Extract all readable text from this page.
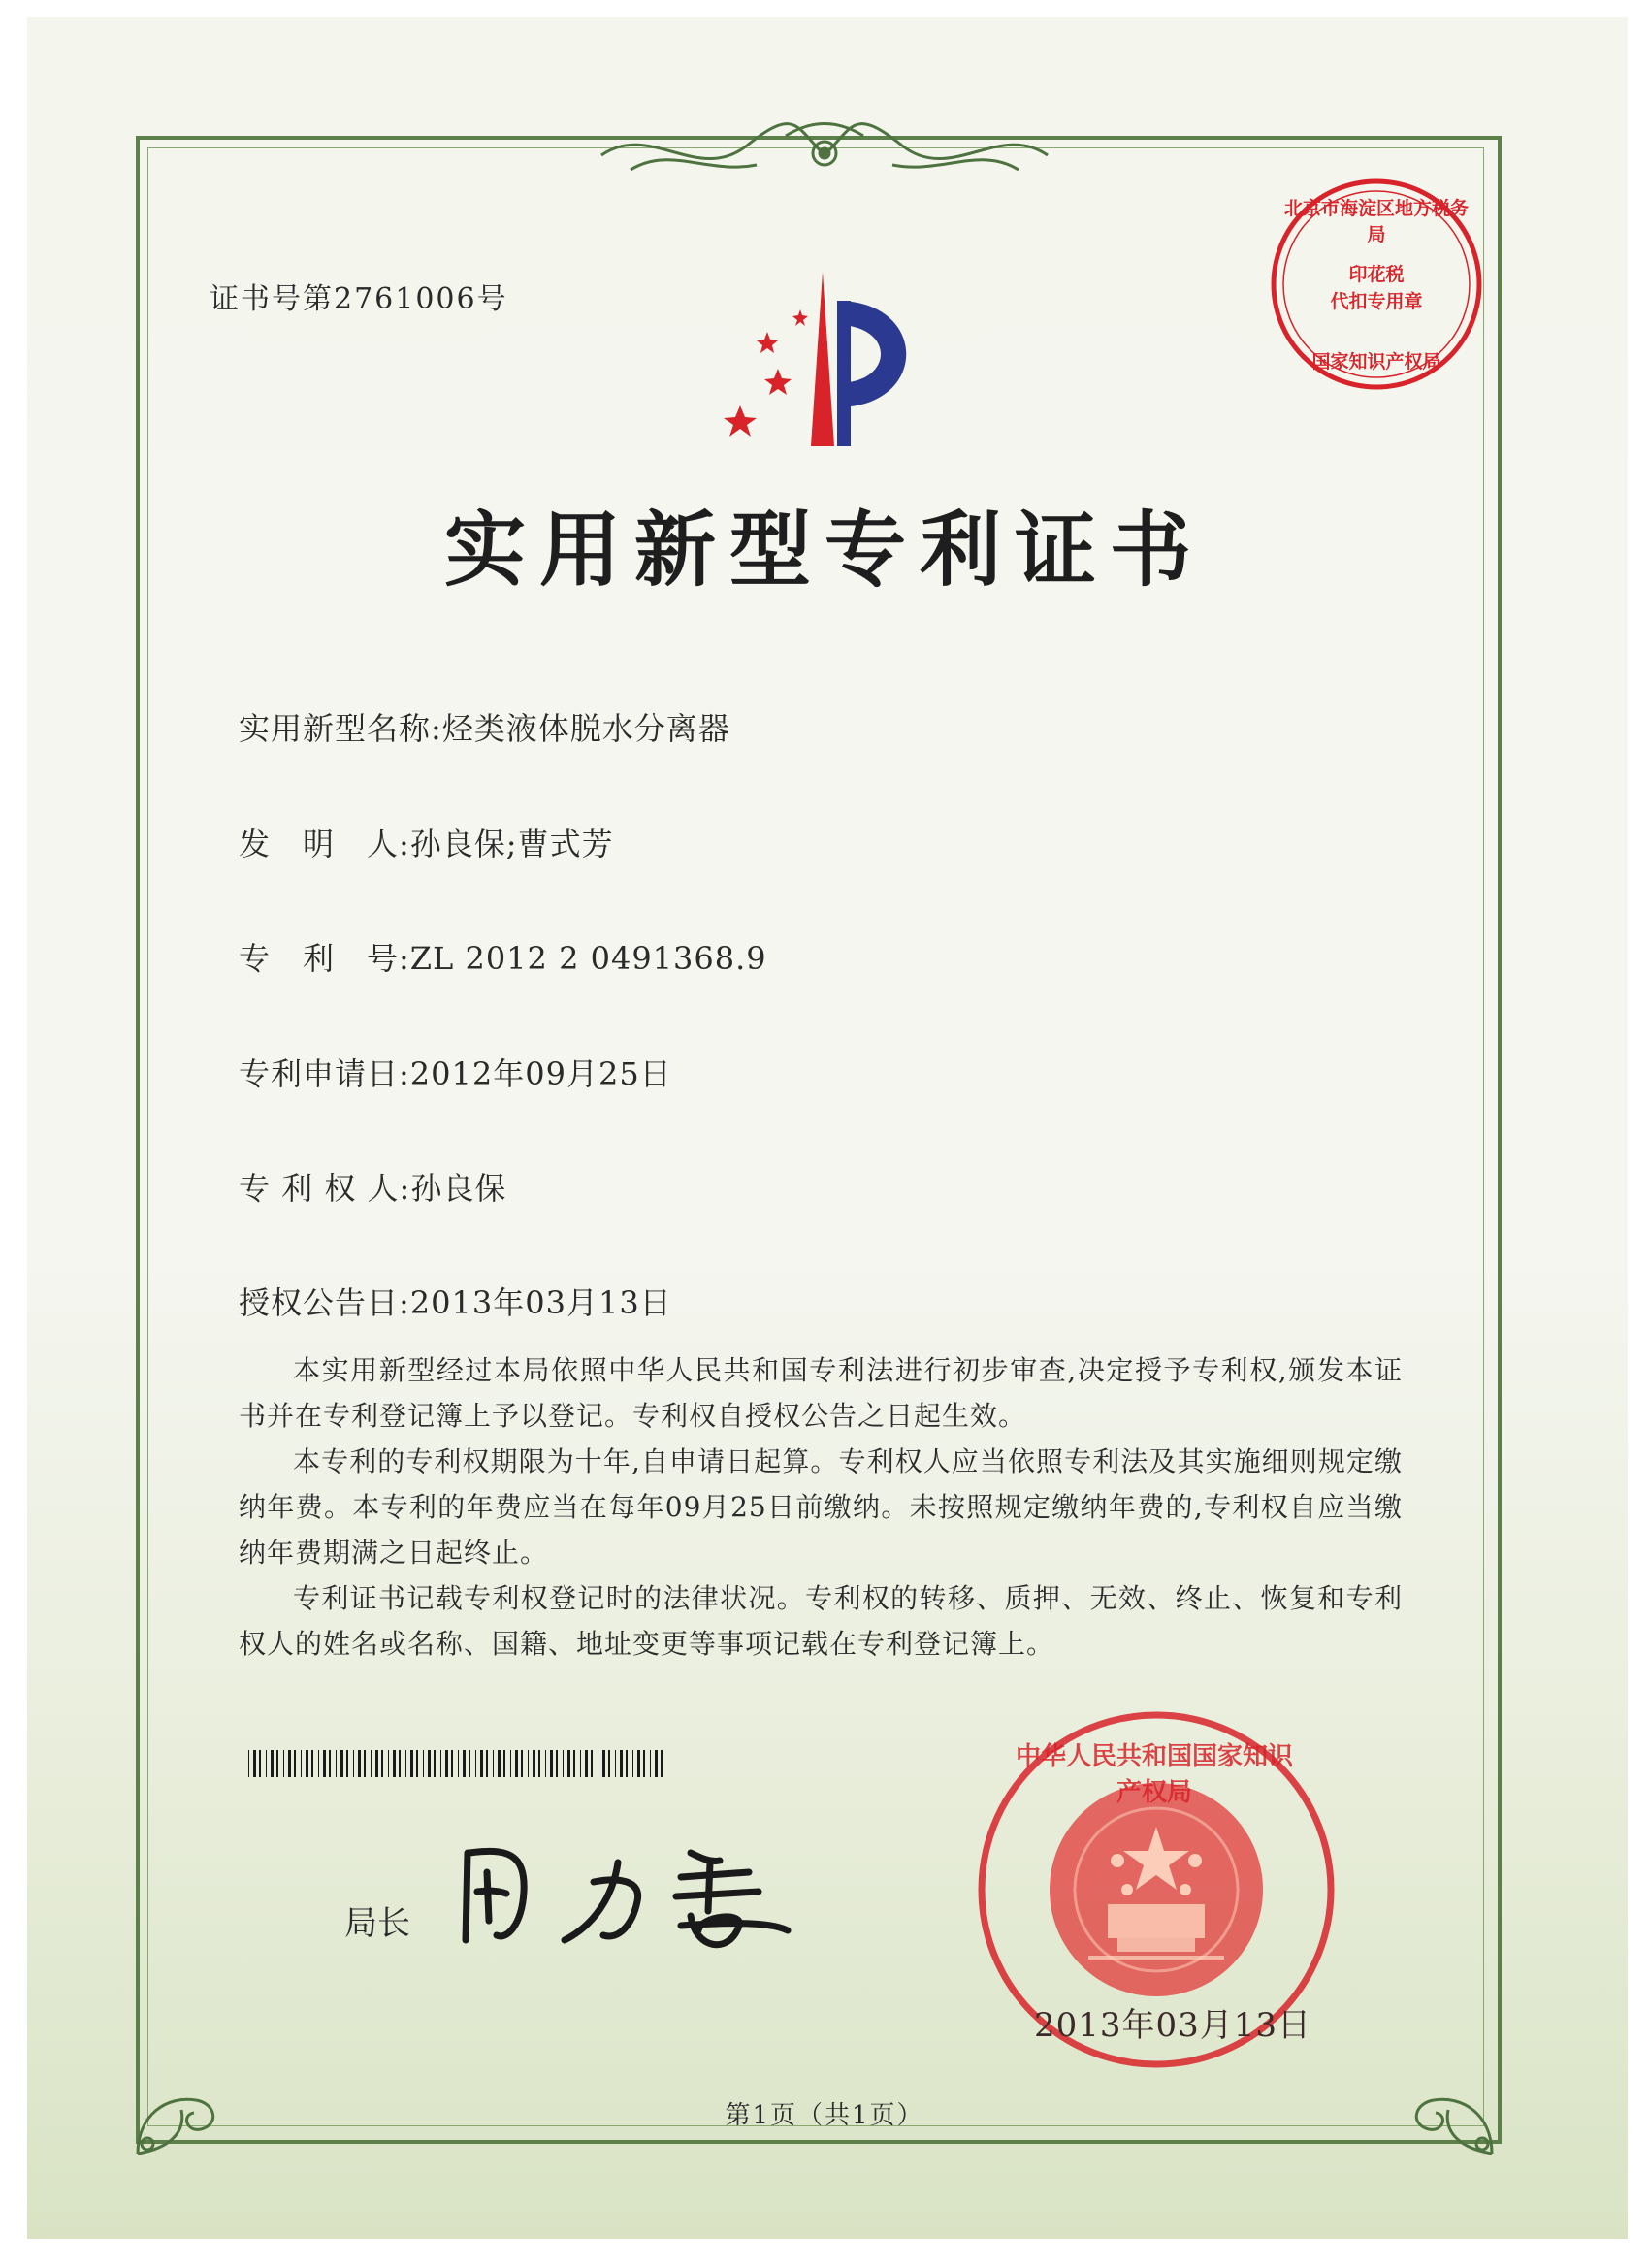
证书号第2761006号
北京市海淀区地方税务局
印花税
代扣专用章
国家知识产权局
实用新型专利证书
实用新型名称:烃类液体脱水分离器
发　明　人:孙良保;曹式芳
专　利　号:ZL 2012 2 0491368.9
专利申请日:2012年09月25日
专 利 权 人:孙良保
授权公告日:2013年03月13日
本实用新型经过本局依照中华人民共和国专利法进行初步审查,决定授予专利权,颁发本证书并在专利登记簿上予以登记。专利权自授权公告之日起生效。
本专利的专利权期限为十年,自申请日起算。专利权人应当依照专利法及其实施细则规定缴纳年费。本专利的年费应当在每年09月25日前缴纳。未按照规定缴纳年费的,专利权自应当缴纳年费期满之日起终止。
专利证书记载专利权登记时的法律状况。专利权的转移、质押、无效、终止、恢复和专利权人的姓名或名称、国籍、地址变更等事项记载在专利登记簿上。
局长
中华人民共和国国家知识产权局
2013年03月13日
第1页（共1页）
